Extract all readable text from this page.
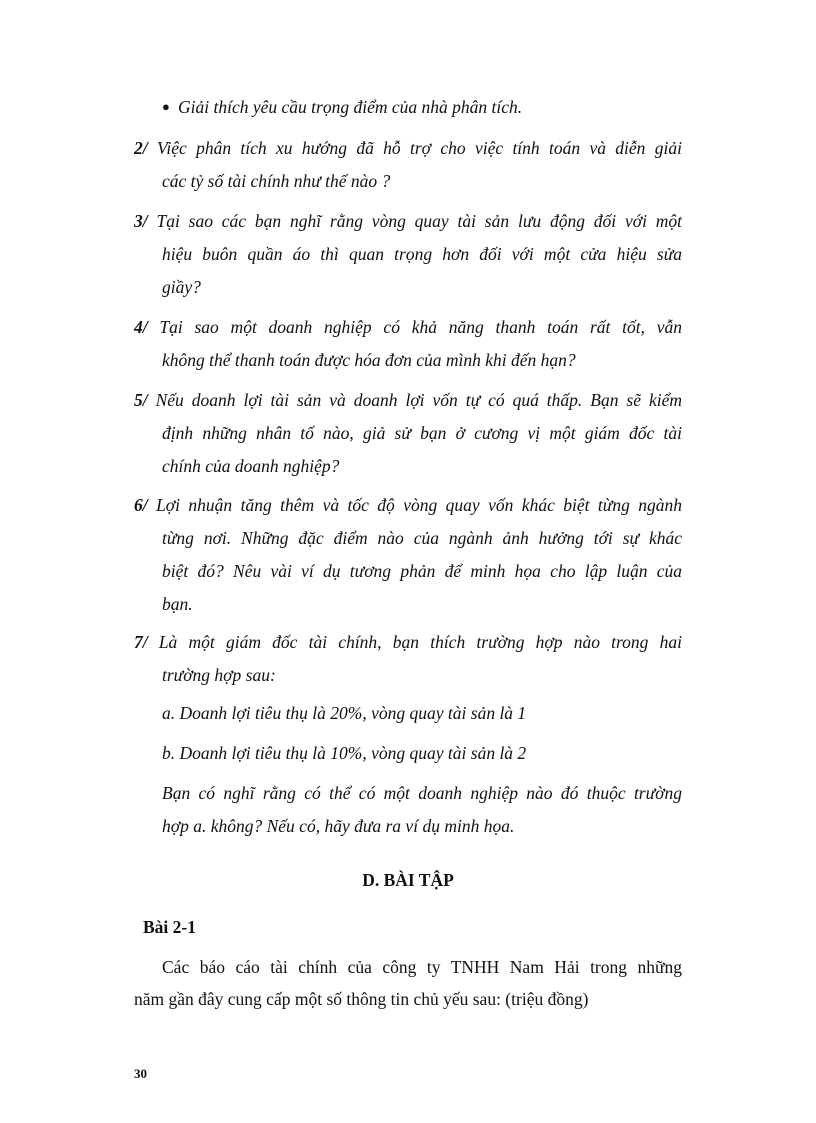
● Giải thích yêu cầu trọng điểm của nhà phân tích.
2/ Việc phân tích xu hướng đã hỗ trợ cho việc tính toán và diễn giải
các tỷ số tài chính như thế nào ?
3/ Tại sao các bạn nghĩ rằng vòng quay tài sản lưu động đối với một
hiệu buôn quần áo thì quan trọng hơn đối với một cửa hiệu sửa
giầy?
4/ Tại sao một doanh nghiệp có khả năng thanh toán rất tốt, vẫn
không thể thanh toán được hóa đơn của mình khi đến hạn?
5/ Nếu doanh lợi tài sản và doanh lợi vốn tự có quá thấp. Bạn sẽ kiểm
định những nhân tố nào, giả sử bạn ở cương vị một giám đốc tài
chính của doanh nghiệp?
6/ Lợi nhuận tăng thêm và tốc độ vòng quay vốn khác biệt từng ngành
từng nơi. Những đặc điểm nào của ngành ảnh hưởng tới sự khác
biệt đó? Nêu vài ví dụ tương phản để minh họa cho lập luận của
bạn.
7/ Là một giám đốc tài chính, bạn thích trường hợp nào trong hai
trường hợp sau:
a. Doanh lợi tiêu thụ là 20%, vòng quay tài sản là 1
b. Doanh lợi tiêu thụ là 10%, vòng quay tài sản là 2
Bạn có nghĩ rằng có thể có một doanh nghiệp nào đó thuộc trường
hợp a. không? Nếu có, hãy đưa ra ví dụ minh họa.
D. BÀI TẬP
Bài 2-1
Các báo cáo tài chính của công ty TNHH Nam Hải trong những
năm gần đây cung cấp một số thông tin chủ yếu sau: (triệu đồng)
30
